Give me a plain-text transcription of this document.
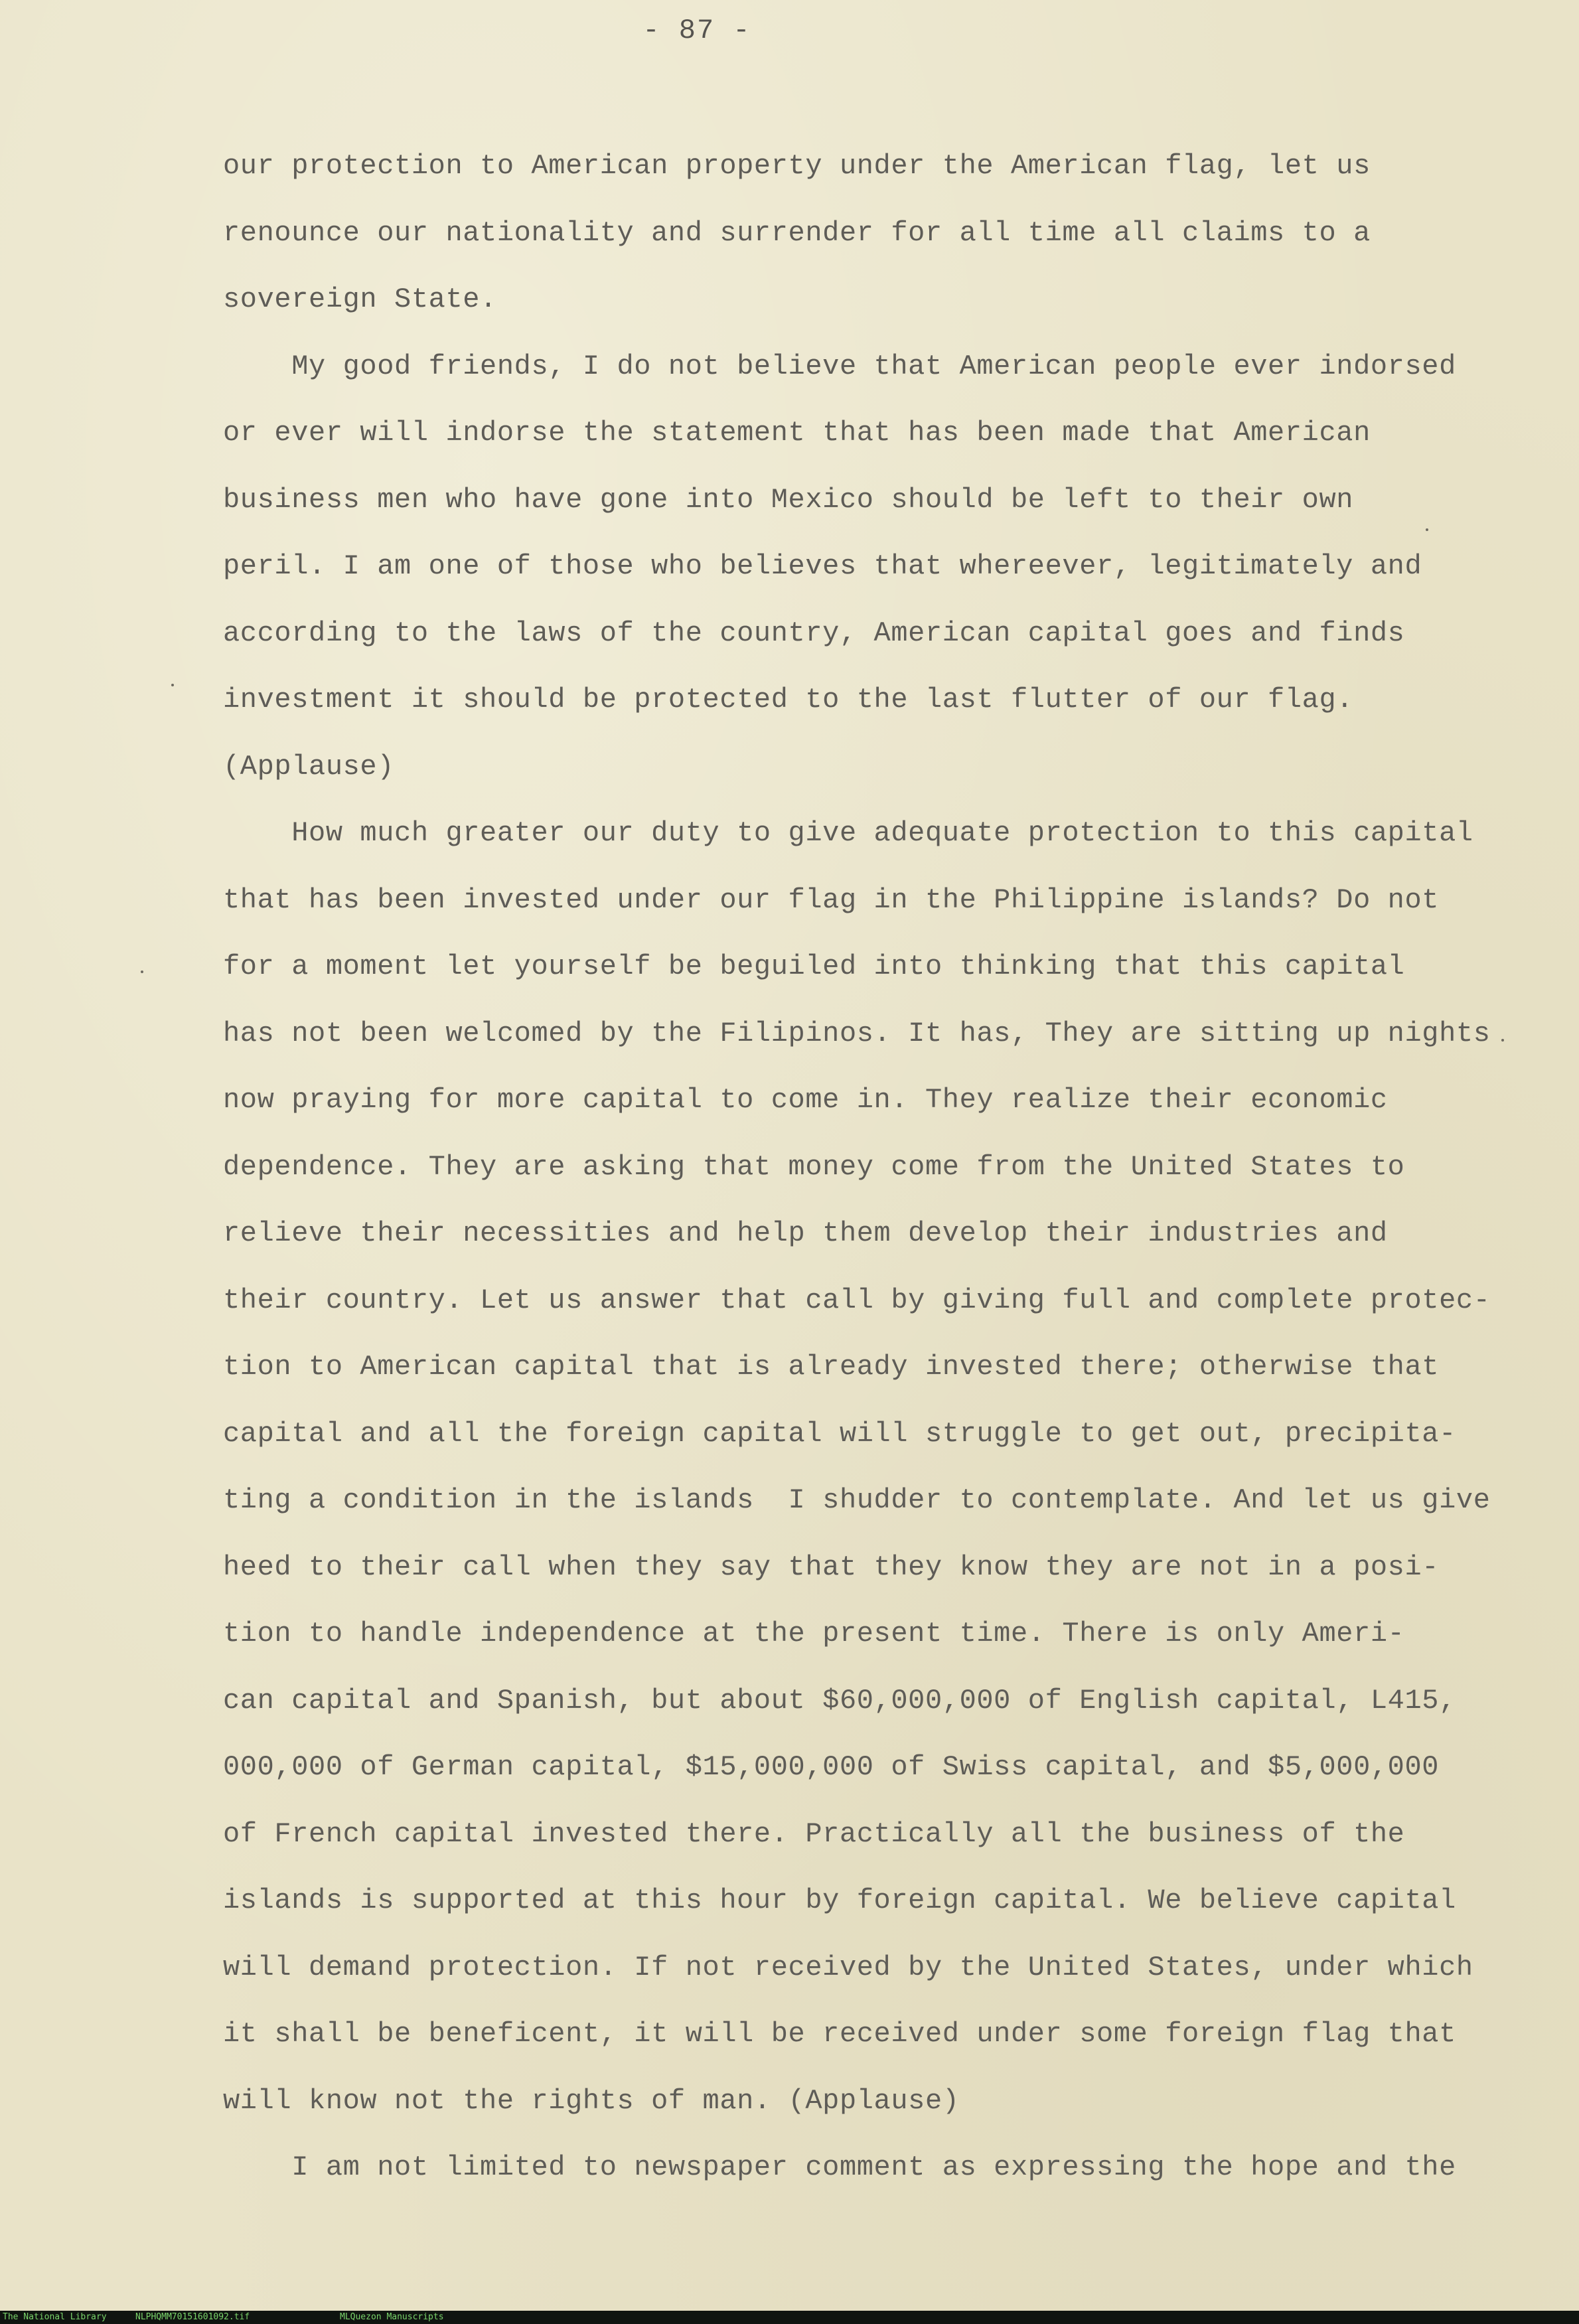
- 87 -
our protection to American property under the American flag, let us
renounce our nationality and surrender for all time all claims to a
sovereign State.
My good friends, I do not believe that American people ever indorsed
or ever will indorse the statement that has been made that American
business men who have gone into Mexico should be left to their own
peril. I am one of those who believes that whereever, legitimately and
according to the laws of the country, American capital goes and finds
investment it should be protected to the last flutter of our flag.
(Applause)
How much greater our duty to give adequate protection to this capital
that has been invested under our flag in the Philippine islands? Do not
for a moment let yourself be beguiled into thinking that this capital
has not been welcomed by the Filipinos. It has, They are sitting up nights
now praying for more capital to come in. They realize their economic
dependence. They are asking that money come from the United States to
relieve their necessities and help them develop their industries and
their country. Let us answer that call by giving full and complete protec-
tion to American capital that is already invested there; otherwise that
capital and all the foreign capital will struggle to get out, precipita-
ting a condition in the islands  I shudder to contemplate. And let us give
heed to their call when they say that they know they are not in a posi-
tion to handle independence at the present time. There is only Ameri-
can capital and Spanish, but about $60,000,000 of English capital, L415,
000,000 of German capital, $15,000,000 of Swiss capital, and $5,000,000
of French capital invested there. Practically all the business of the
islands is supported at this hour by foreign capital. We believe capital
will demand protection. If not received by the United States, under which
it shall be beneficent, it will be received under some foreign flag that
will know not the rights of man. (Applause)
I am not limited to newspaper comment as expressing the hope and the
The National Library	NLPHQMM70151601092.tif	MLQuezon Manuscripts
